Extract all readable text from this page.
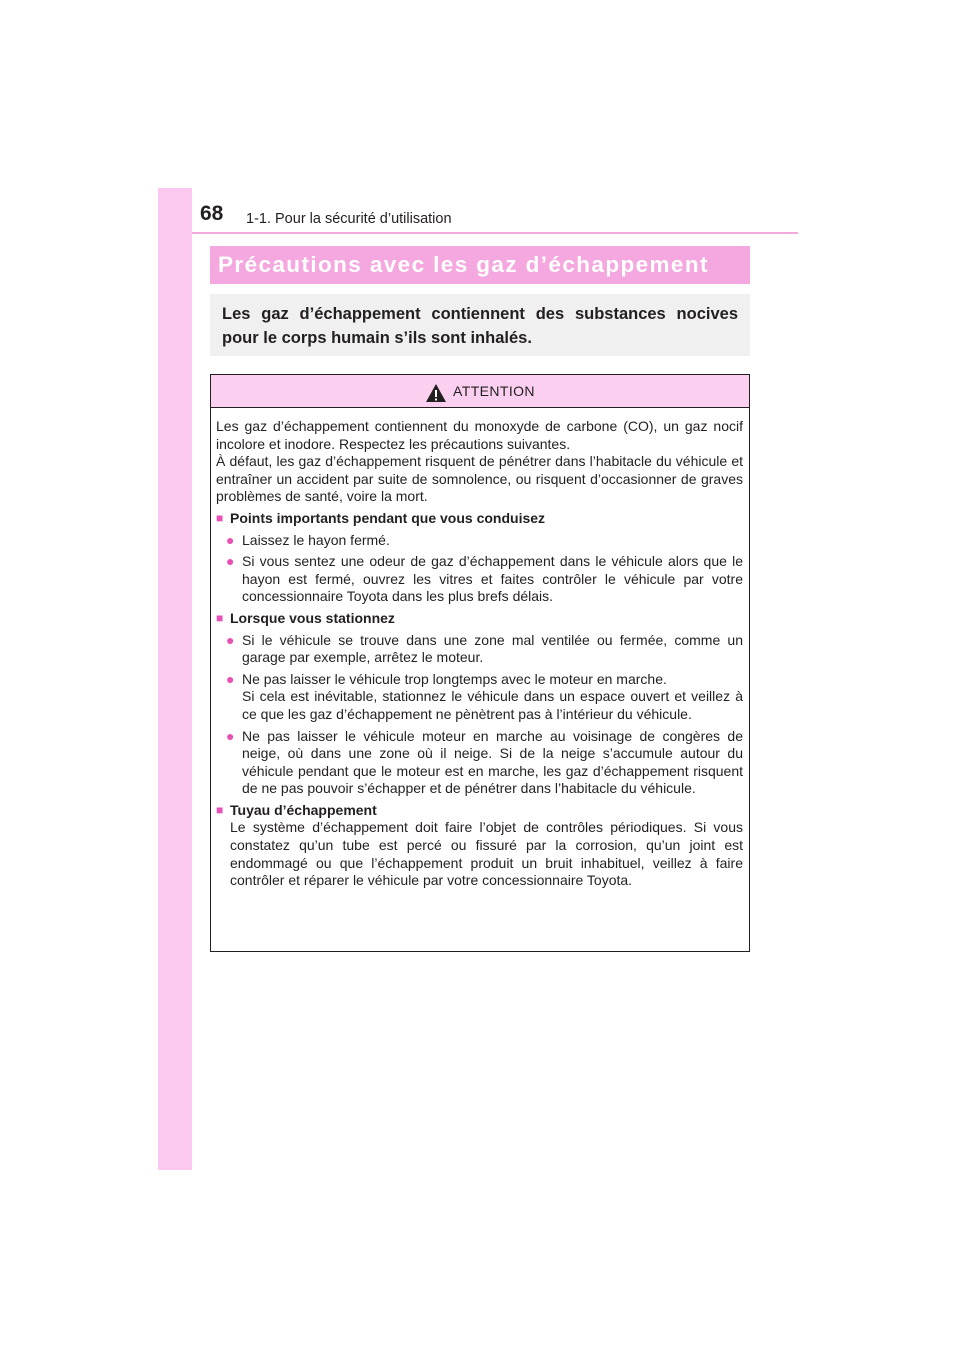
68 1-1. Pour la sécurité d’utilisation
Précautions avec les gaz d’échappement
Les gaz d’échappement contiennent des substances nocives pour le corps humain s’ils sont inhalés.
ATTENTION

Les gaz d’échappement contiennent du monoxyde de carbone (CO), un gaz nocif incolore et inodore. Respectez les précautions suivantes.

À défaut, les gaz d’échappement risquent de pénétrer dans l’habitacle du véhicule et entraîner un accident par suite de somnolence, ou risquent d’occasionner de graves problèmes de santé, voire la mort.

■ Points importants pendant que vous conduisez
● Laissez le hayon fermé.
● Si vous sentez une odeur de gaz d’échappement dans le véhicule alors que le hayon est fermé, ouvrez les vitres et faites contrôler le véhicule par votre concessionnaire Toyota dans les plus brefs délais.
■ Lorsque vous stationnez
● Si le véhicule se trouve dans une zone mal ventilée ou fermée, comme un garage par exemple, arrêtez le moteur.
● Ne pas laisser le véhicule trop longtemps avec le moteur en marche.
Si cela est inévitable, stationnez le véhicule dans un espace ouvert et veillez à ce que les gaz d’échappement ne pènètrent pas à l’intérieur du véhicule.
● Ne pas laisser le véhicule moteur en marche au voisinage de congères de neige, où dans une zone où il neige. Si de la neige s’accumule autour du véhicule pendant que le moteur est en marche, les gaz d’échappement risquent de ne pas pouvoir s’échapper et de pénétrer dans l’habitacle du véhicule.
■ Tuyau d’échappement
Le système d’échappement doit faire l’objet de contrôles périodiques. Si vous constatez qu’un tube est percé ou fissuré par la corrosion, qu’un joint est endommagé ou que l’échappement produit un bruit inhabituel, veillez à faire contrôler et réparer le véhicule par votre concessionnaire Toyota.
